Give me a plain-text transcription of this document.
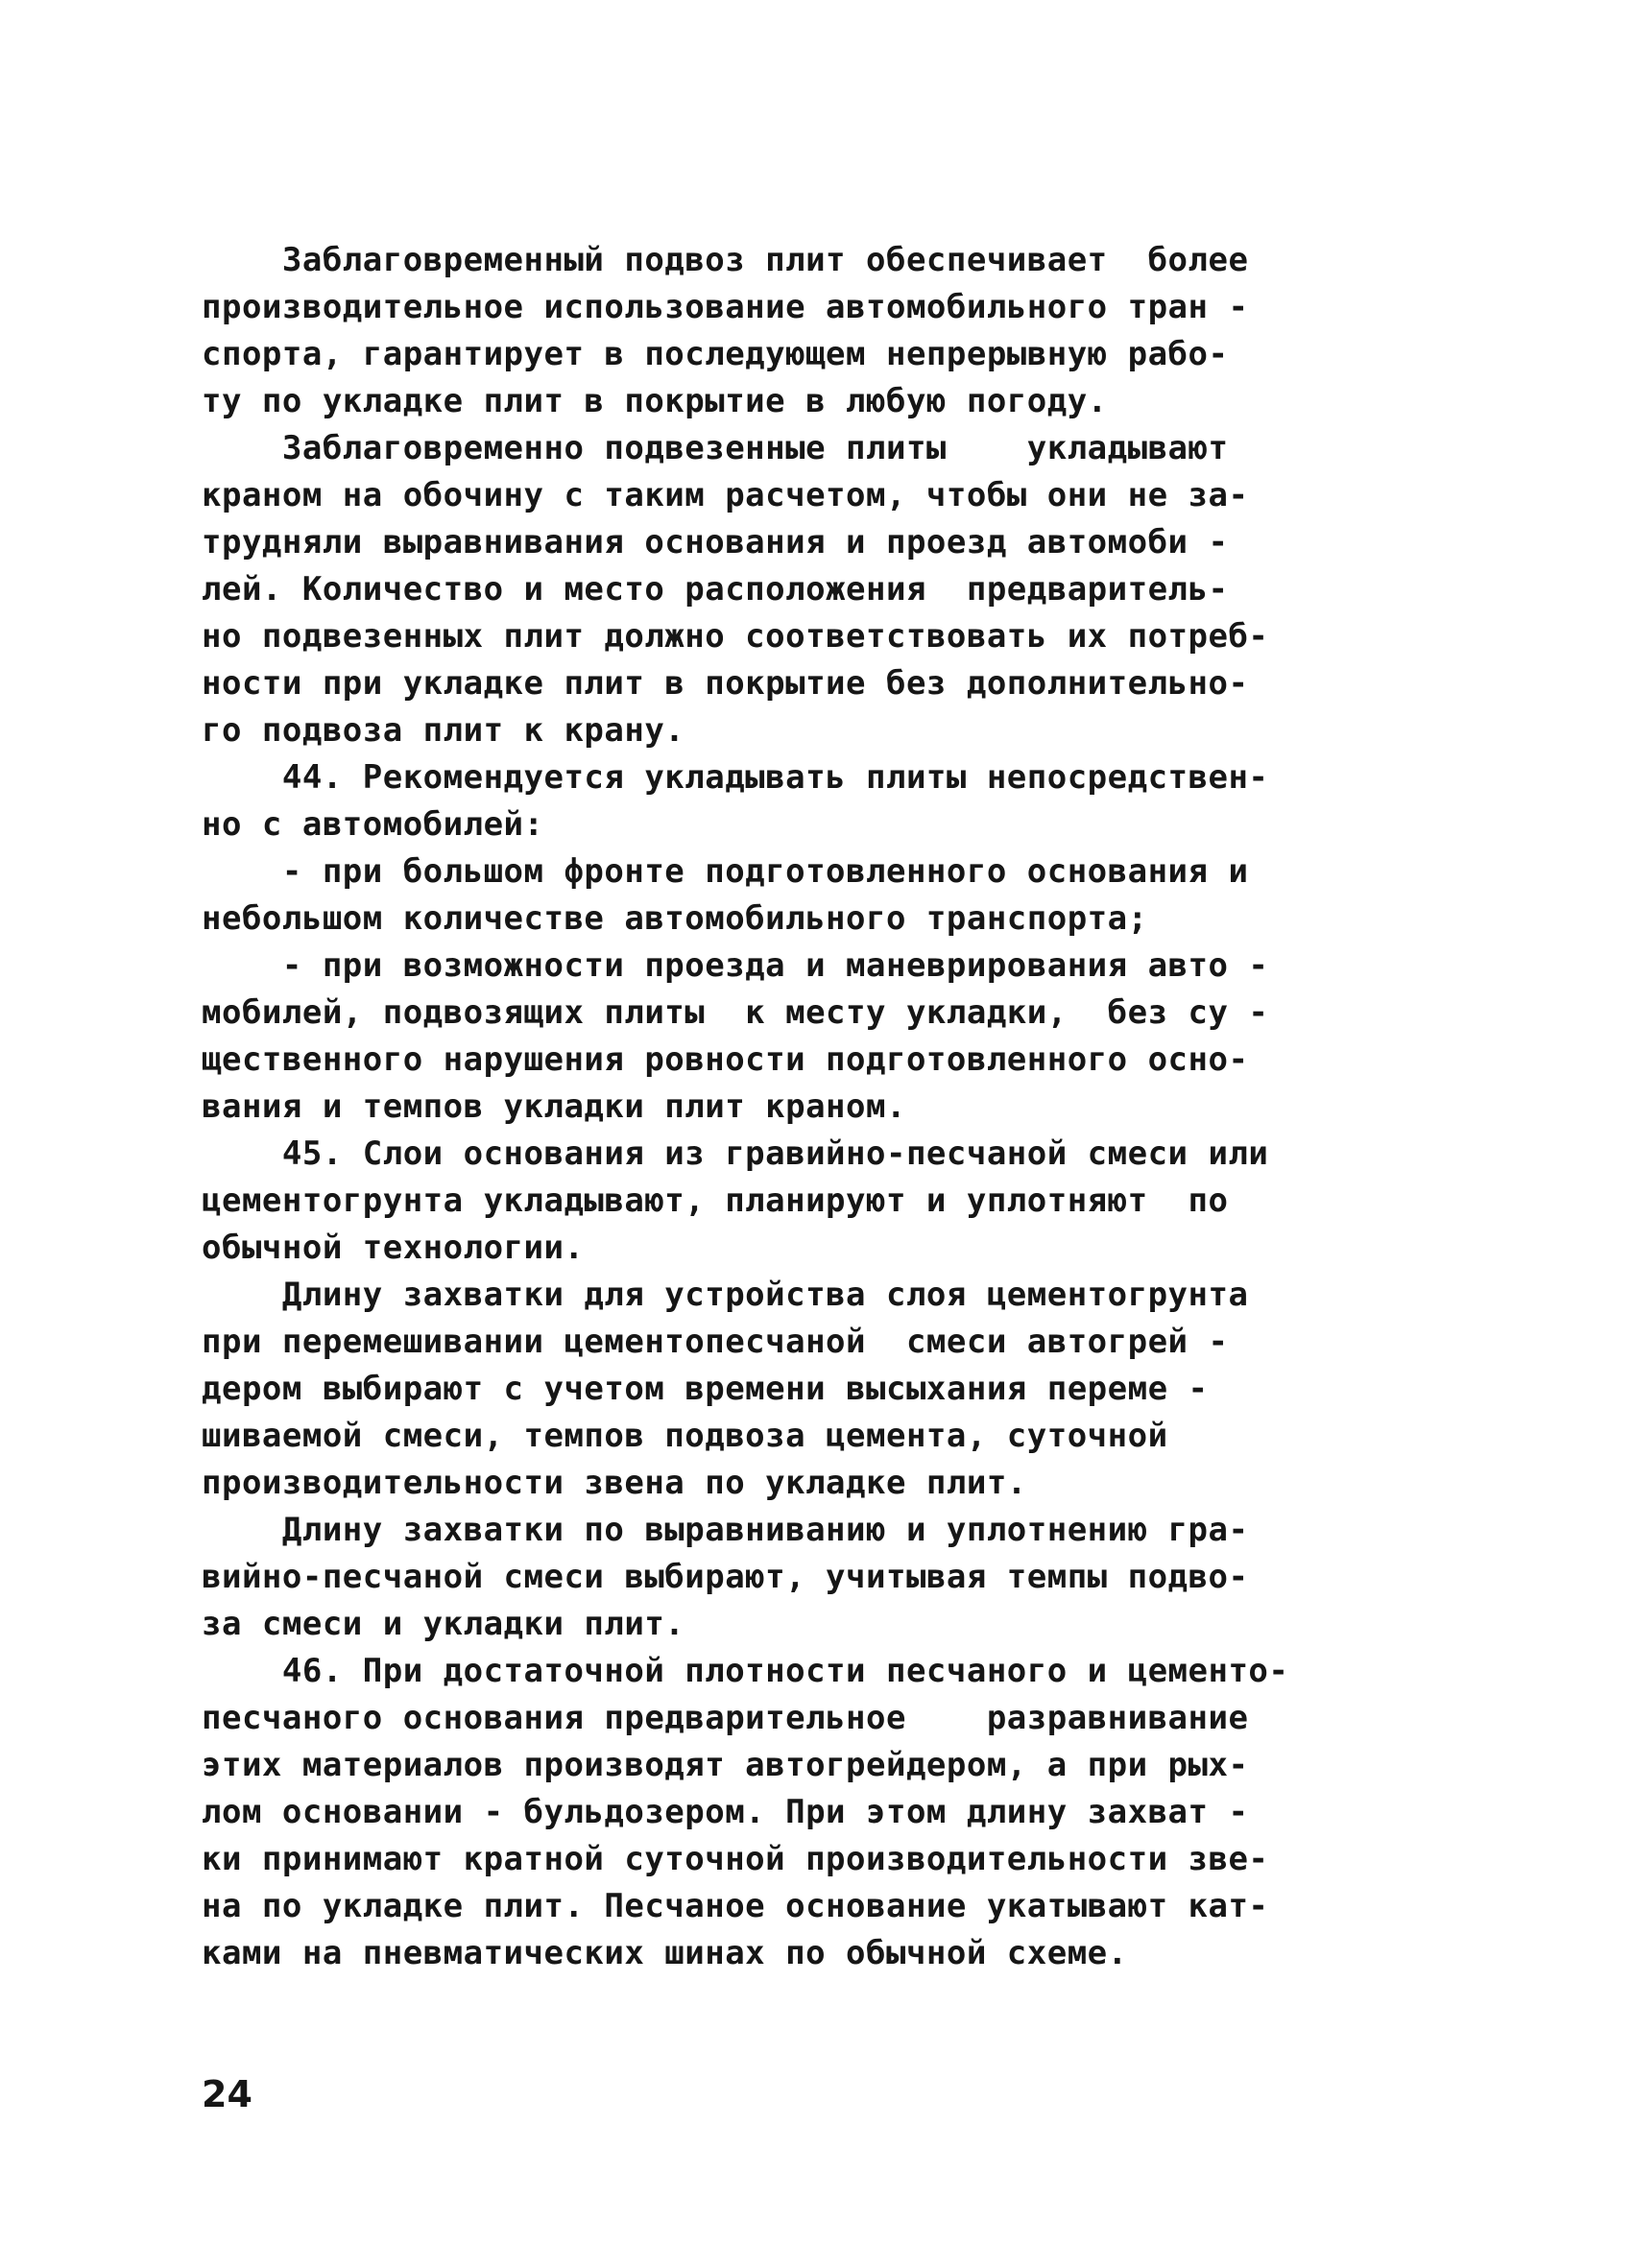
Заблаговременный подвоз плит обеспечивает  более
производительное использование автомобильного тран -
спорта, гарантирует в последующем непрерывную рабо-
ту по укладке плит в покрытие в любую погоду.
Заблаговременно подвезенные плиты    укладывают
краном на обочину с таким расчетом, чтобы они не за-
трудняли выравнивания основания и проезд автомоби -
лей. Количество и место расположения  предваритель-
но подвезенных плит должно соответствовать их потреб-
ности при укладке плит в покрытие без дополнительно-
го подвоза плит к крану.
44. Рекомендуется укладывать плиты непосредствен-
но с автомобилей:
- при большом фронте подготовленного основания и
небольшом количестве автомобильного транспорта;
- при возможности проезда и маневрирования авто -
мобилей, подвозящих плиты  к месту укладки,  без су -
щественного нарушения ровности подготовленного осно-
вания и темпов укладки плит краном.
45. Слои основания из гравийно-песчаной смеси или
цементогрунта укладывают, планируют и уплотняют  по
обычной технологии.
Длину захватки для устройства слоя цементогрунта
при перемешивании цементопесчаной  смеси автогрей -
дером выбирают с учетом времени высыхания переме -
шиваемой смеси, темпов подвоза цемента, суточной
производительности звена по укладке плит.
Длину захватки по выравниванию и уплотнению гра-
вийно-песчаной смеси выбирают, учитывая темпы подво-
за смеси и укладки плит.
46. При достаточной плотности песчаного и цементо-
песчаного основания предварительное    разравнивание
этих материалов производят автогрейдером, а при рых-
лом основании - бульдозером. При этом длину захват -
ки принимают кратной суточной производительности зве-
на по укладке плит. Песчаное основание укатывают кат-
ками на пневматических шинах по обычной схеме.
24
